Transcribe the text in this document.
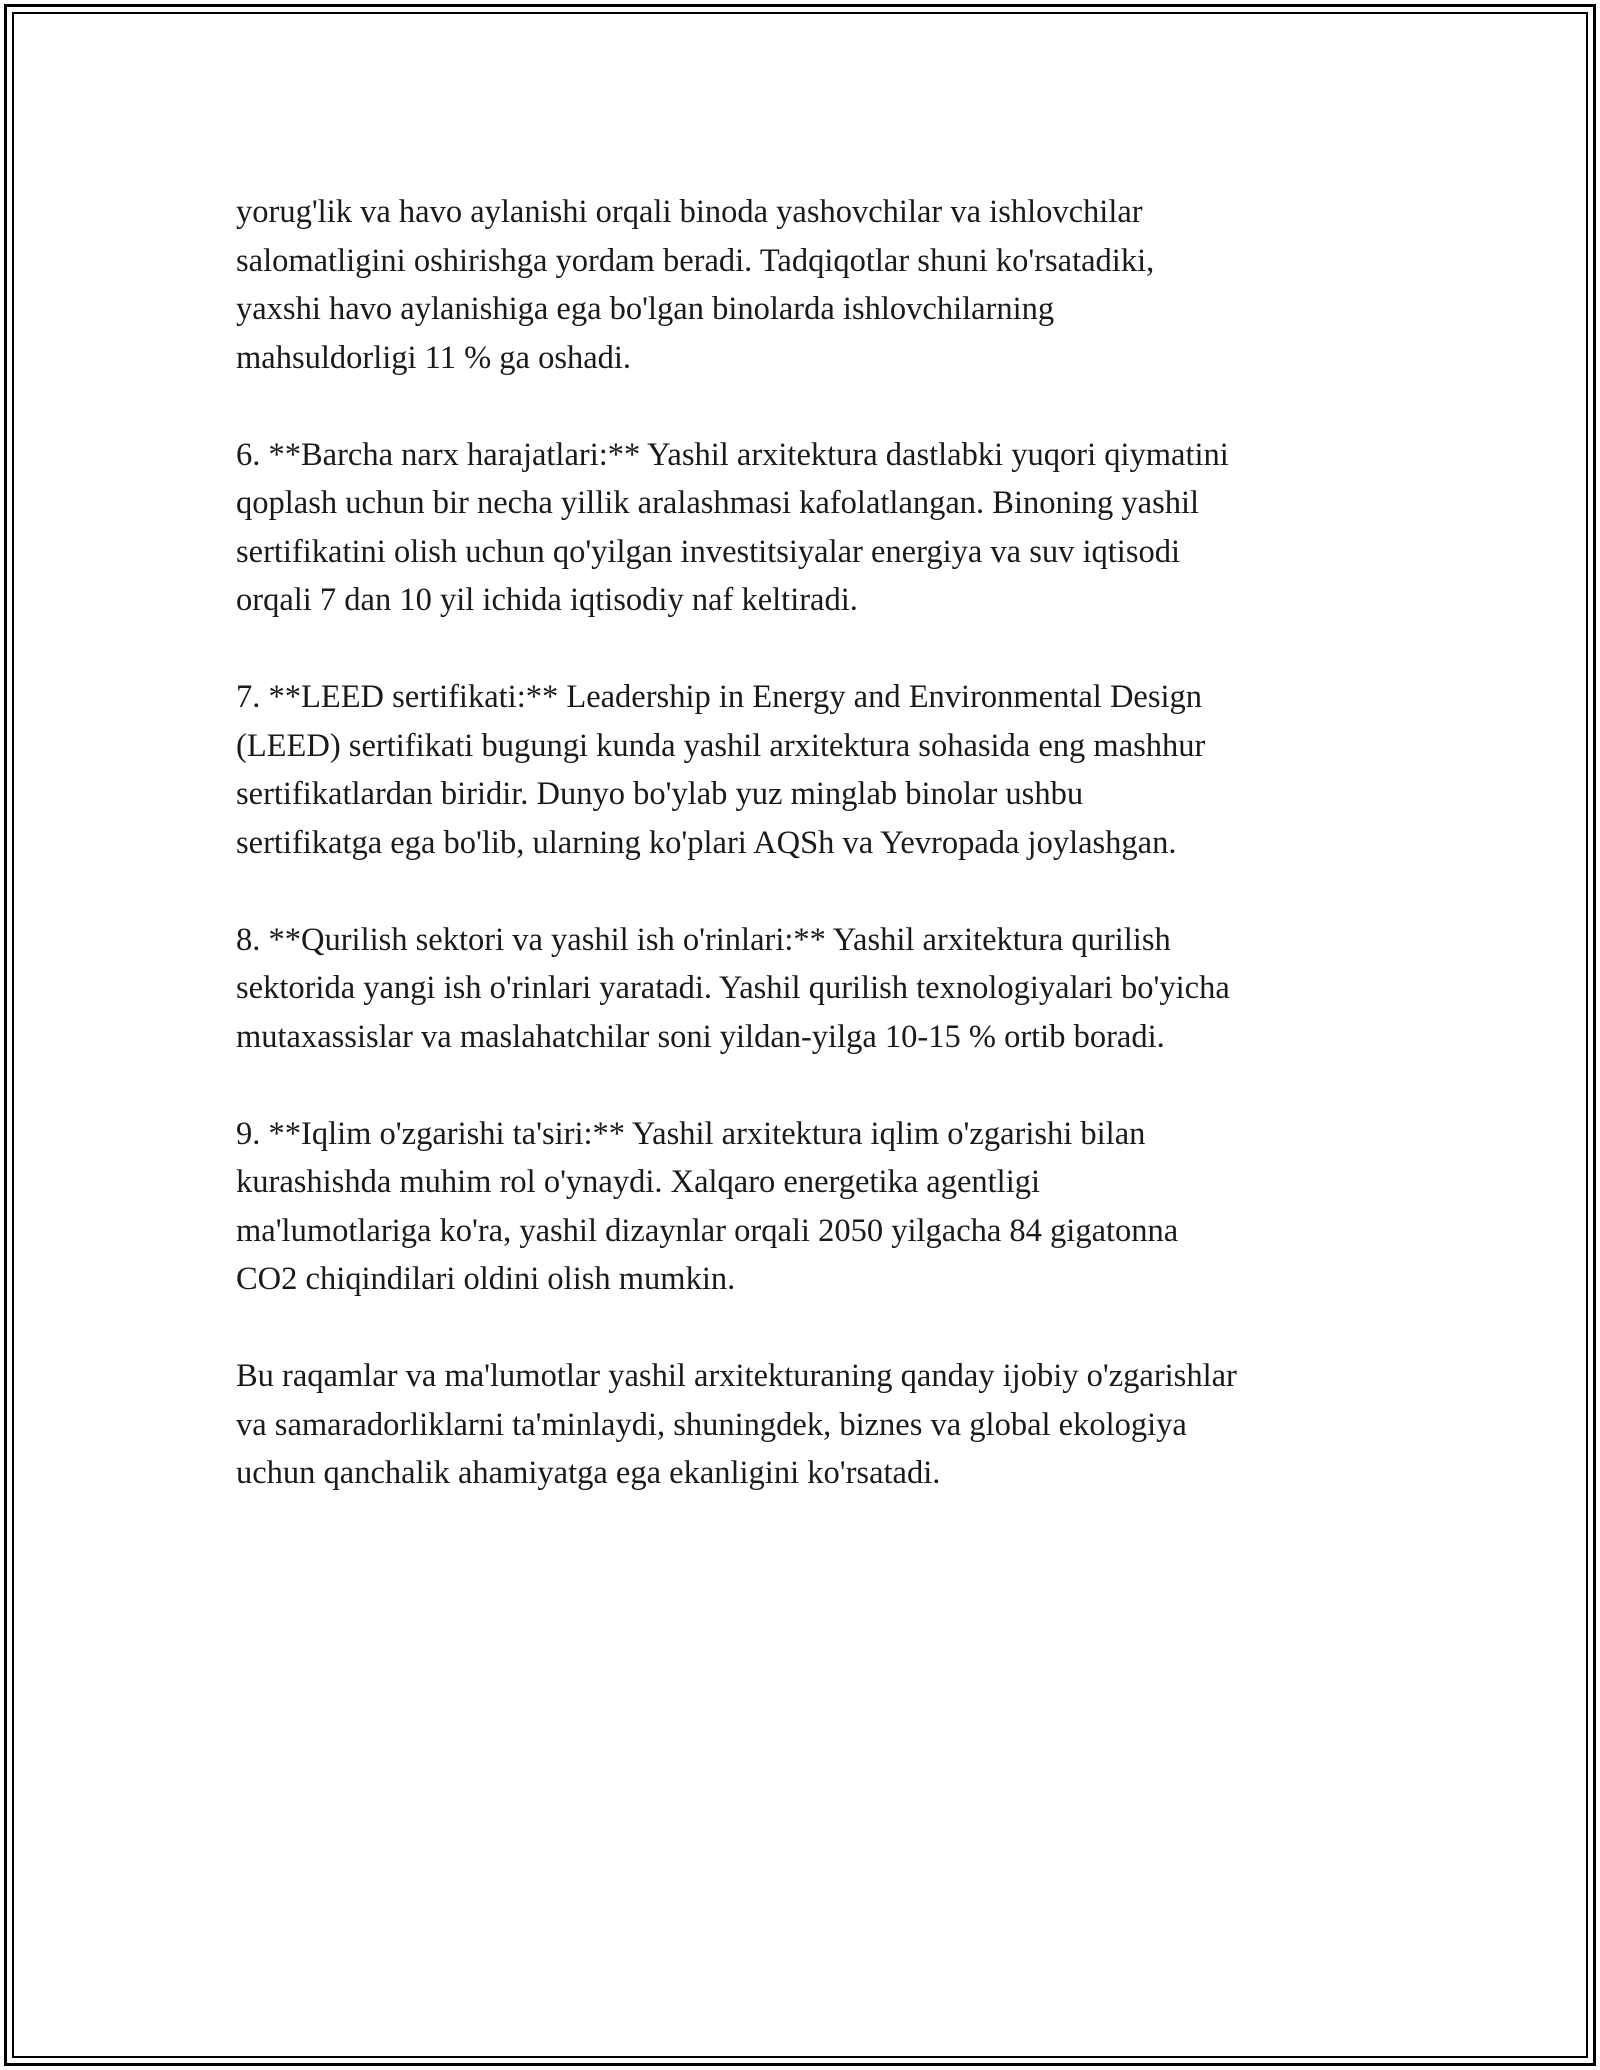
yorug'lik va havo aylanishi orqali binoda yashovchilar va ishlovchilar
salomatligini oshirishga yordam beradi. Tadqiqotlar shuni ko'rsatadiki,
yaxshi havo aylanishiga ega bo'lgan binolarda ishlovchilarning
mahsuldorligi 11 % ga oshadi.

6. **Barcha narx harajatlari:** Yashil arxitektura dastlabki yuqori qiymatini
qoplash uchun bir necha yillik aralashmasi kafolatlangan. Binoning yashil
sertifikatini olish uchun qo'yilgan investitsiyalar energiya va suv iqtisodi
orqali 7 dan 10 yil ichida iqtisodiy naf keltiradi.

7. **LEED sertifikati:** Leadership in Energy and Environmental Design
(LEED) sertifikati bugungi kunda yashil arxitektura sohasida eng mashhur
sertifikatlardan biridir. Dunyo bo'ylab yuz minglab binolar ushbu
sertifikatga ega bo'lib, ularning ko'plari AQSh va Yevropada joylashgan.

8. **Qurilish sektori va yashil ish o'rinlari:** Yashil arxitektura qurilish
sektorida yangi ish o'rinlari yaratadi. Yashil qurilish texnologiyalari bo'yicha
mutaxassislar va maslahatchilar soni yildan-yilga 10-15 % ortib boradi.

9. **Iqlim o'zgarishi ta'siri:** Yashil arxitektura iqlim o'zgarishi bilan
kurashishda muhim rol o'ynaydi. Xalqaro energetika agentligi
ma'lumotlariga ko'ra, yashil dizaynlar orqali 2050 yilgacha 84 gigatonna
CO2 chiqindilari oldini olish mumkin.

Bu raqamlar va ma'lumotlar yashil arxitekturaning qanday ijobiy o'zgarishlar
va samaradorliklarni ta'minlaydi, shuningdek, biznes va global ekologiya
uchun qanchalik ahamiyatga ega ekanligini ko'rsatadi.
